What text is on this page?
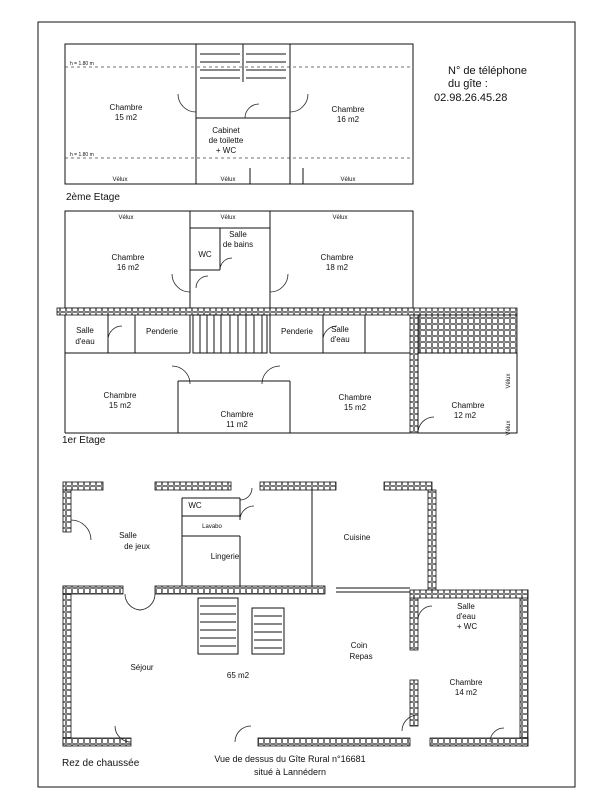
h = 1.80 m
h = 1.80 m
Chambre
15 m2
Chambre
16 m2
Cabinet
de toilette
+ WC
Vélux	Vélux	Vélux
2ème Etage
N° de téléphone
du gîte :
02.98.26.45.28
Vélux	Vélux	Vélux
Vélux
Vélux
Chambre
16 m2
Salle
de bains
WC	Chambre
18 m2
Salle
d'eau
Penderie	Penderie Salle
d'eau
Chambre
15 m2
Chambre
11 m2
Chambre
15 m2	Chambre
12 m2
1er Etage
Salle
de jeux
WC
Lavabo
Lingerie
Cuisine
Salle
d'eau
+ WC
Coin
Repas
Séjour
65 m2
Chambre
14 m2
Rez de chaussée	Vue de dessus du Gîte Rural n°16681
situé à Lannédern
